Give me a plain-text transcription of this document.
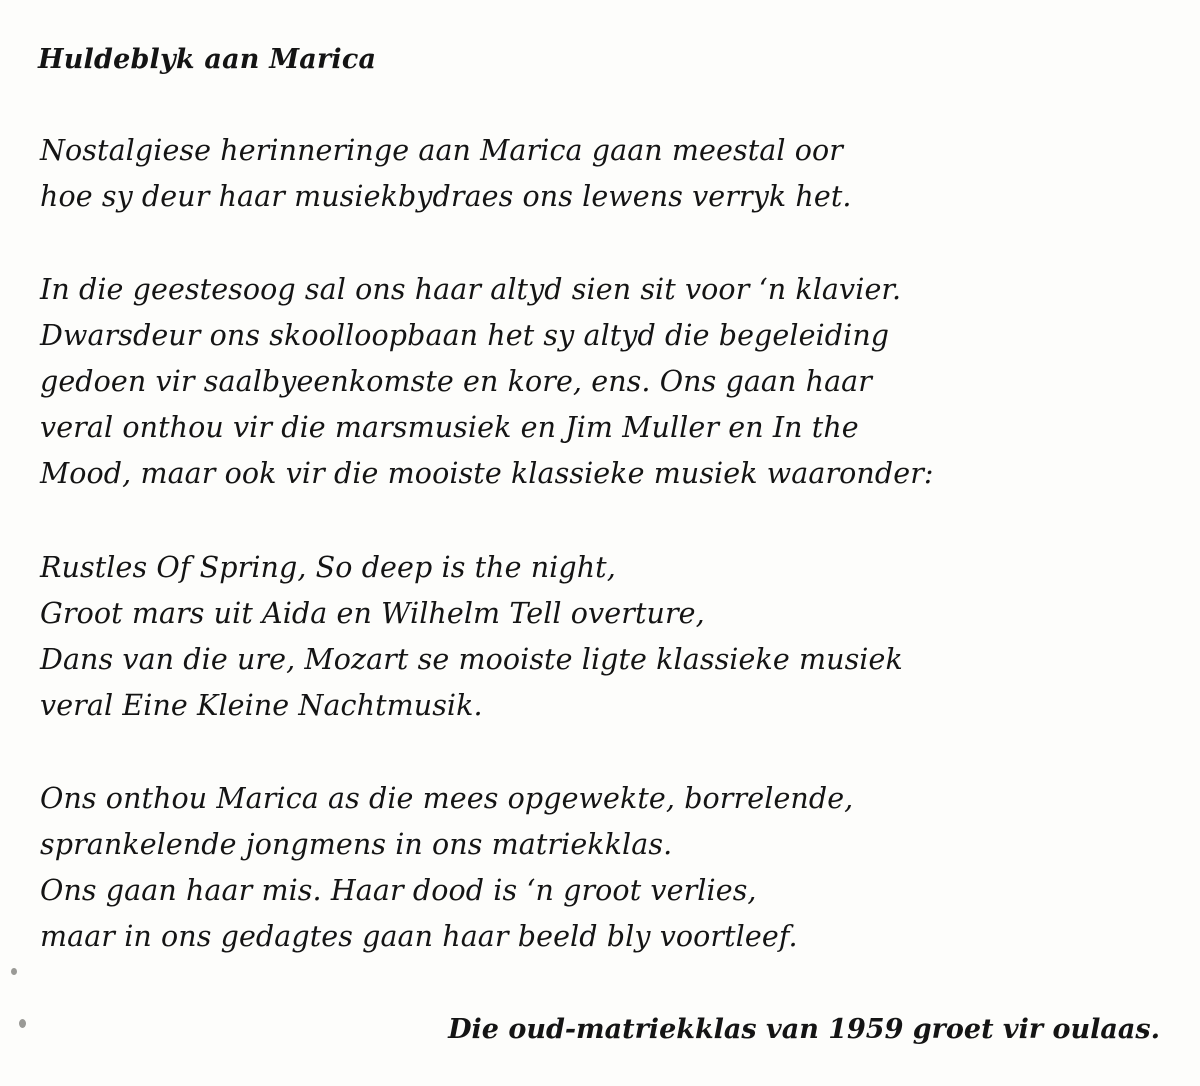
Huldeblyk aan Marica

Nostalgiese herinneringe aan Marica gaan meestal oor
hoe sy deur haar musiekbydraes ons lewens verryk het.

In die geestesoog sal ons haar altyd sien sit voor ‘n klavier.
Dwarsdeur ons skoolloopbaan het sy altyd die begeleiding
gedoen vir saalbyeenkomste en kore, ens. Ons gaan haar
veral onthou vir die marsmusiek en Jim Muller en In the
Mood, maar ook vir die mooiste klassieke musiek waaronder:

Rustles Of Spring, So deep is the night,
Groot mars uit Aida en Wilhelm Tell overture,
Dans van die ure, Mozart se mooiste ligte klassieke musiek
veral Eine Kleine Nachtmusik.

Ons onthou Marica as die mees opgewekte, borrelende,
sprankelende jongmens in ons matriekklas.
Ons gaan haar mis. Haar dood is ‘n groot verlies,
maar in ons gedagtes gaan haar beeld bly voortleef.

Die oud-matriekklas van 1959 groet vir oulaas.
